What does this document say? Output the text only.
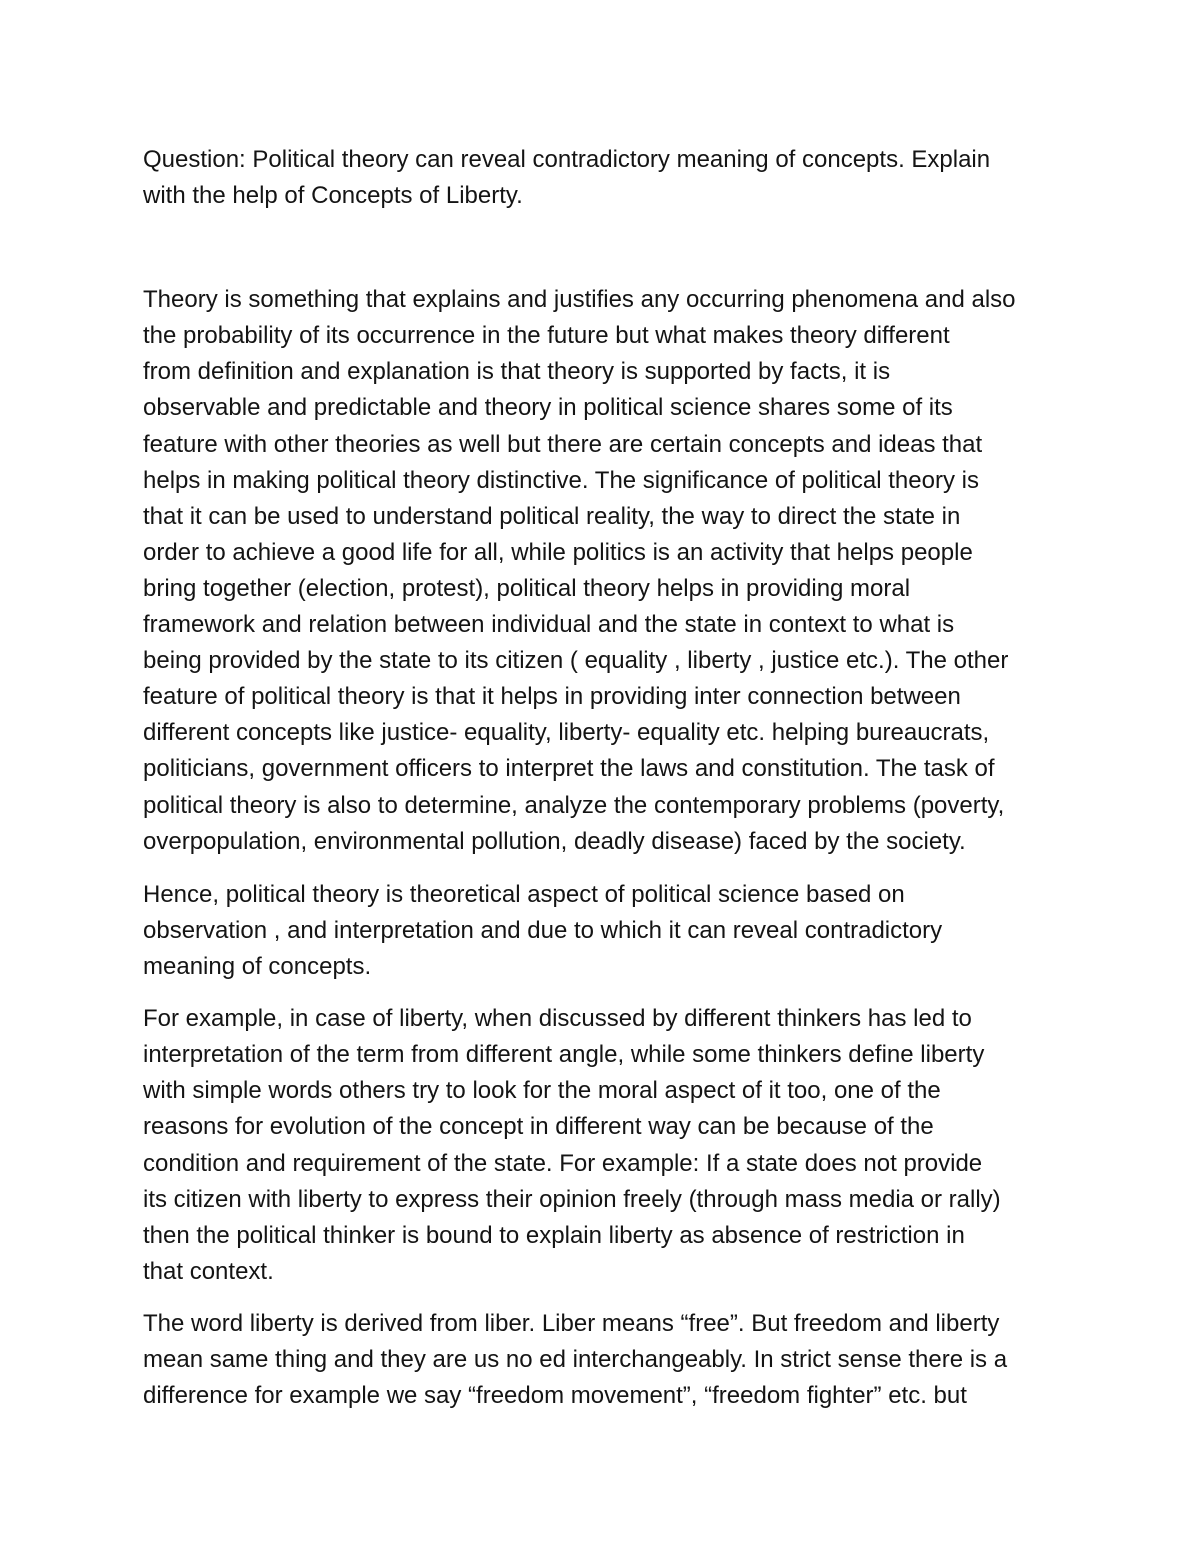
Question: Political theory can reveal contradictory meaning of concepts. Explain

with the help of Concepts of Liberty.

Theory is something that explains and justifies any occurring phenomena and also

the probability of its occurrence in the future but what makes theory different

from definition and explanation is that theory is supported by facts, it is

observable and predictable and theory in political science shares some of its

feature with other theories as well but there are certain concepts and ideas that

helps in making political theory distinctive. The significance of political theory is

that it can be used to understand political reality, the way to direct the state in

order to achieve a good life for all, while politics is an activity that helps people

bring together (election, protest), political theory helps in providing moral

framework and relation between individual and the state in context to what is

being provided by the state to its citizen ( equality , liberty , justice etc.). The other

feature of political theory is that it helps in providing inter connection between

different concepts like justice- equality, liberty- equality etc. helping bureaucrats,

politicians, government officers to interpret the laws and constitution. The task of

political theory is also to determine, analyze the contemporary problems (poverty,

overpopulation, environmental pollution, deadly disease) faced by the society.

Hence, political theory is theoretical aspect of political science based on

observation , and interpretation and due to which it can reveal contradictory

meaning of concepts.

For example, in case of liberty, when discussed by different thinkers has led to

interpretation of the term from different angle, while some thinkers define liberty

with simple words others try to look for the moral aspect of it too, one of the

reasons for evolution of the concept in different way can be because of the

condition and requirement of the state. For example: If a state does not provide

its citizen with liberty to express their opinion freely (through mass media or rally)

then the political thinker is bound to explain liberty as absence of restriction in

that context.

The word liberty is derived from liber. Liber means “free”. But freedom and liberty

mean same thing and they are us no ed interchangeably. In strict sense there is a

difference for example we say “freedom movement”, “freedom fighter” etc. but
